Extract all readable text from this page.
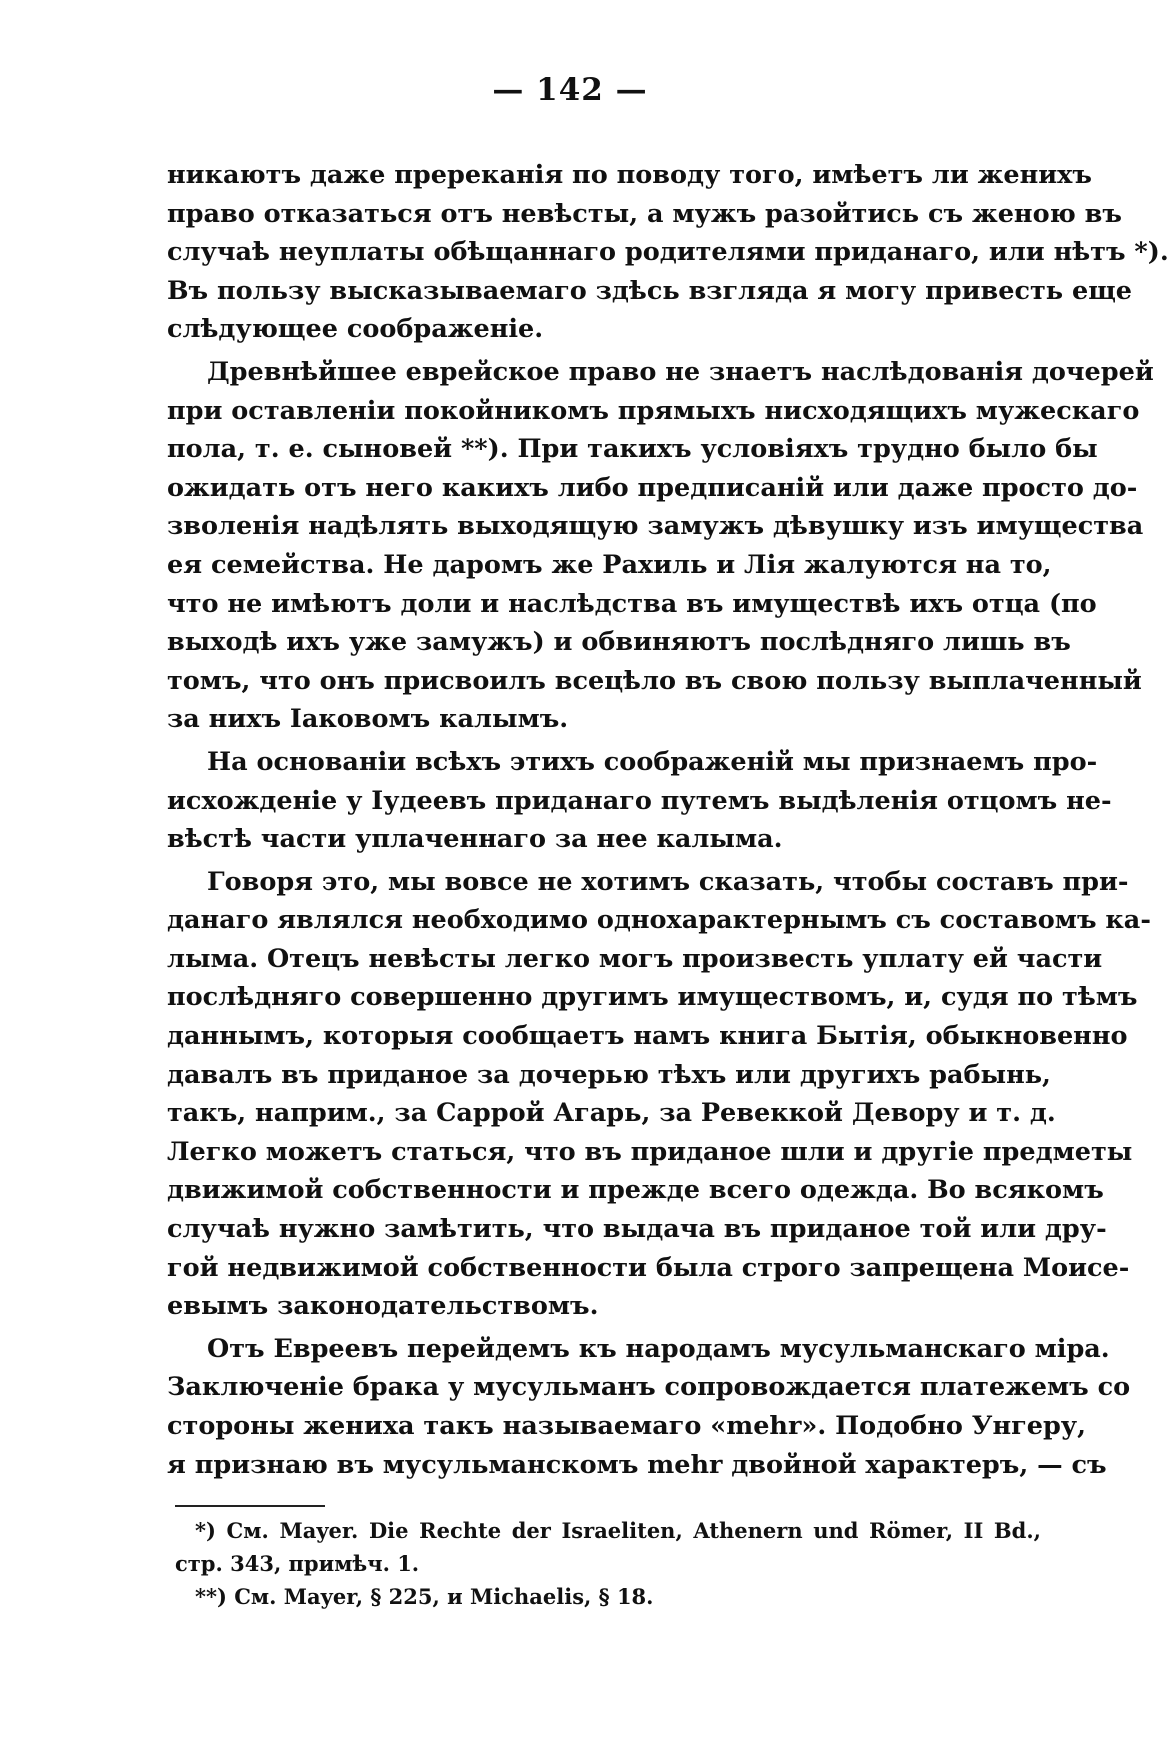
— 142 —
никаютъ даже пререканія по поводу того, имѣетъ ли женихъ
право отказаться отъ невѣсты, а мужъ разойтись съ женою въ
случаѣ неуплаты обѣщаннаго родителями приданаго, или нѣтъ *).
Въ пользу высказываемаго здѣсь взгляда я могу привесть еще
слѣдующее соображеніе.
Древнѣйшее еврейское право не знаетъ наслѣдованія дочерей
при оставленіи покойникомъ прямыхъ нисходящихъ мужескаго
пола, т. е. сыновей **). При такихъ условіяхъ трудно было бы
ожидать отъ него какихъ либо предписаній или даже просто до-
зволенія надѣлять выходящую замужъ дѣвушку изъ имущества
ея семейства. Не даромъ же Рахиль и Лія жалуются на то,
что не имѣютъ доли и наслѣдства въ имуществѣ ихъ отца (по
выходѣ ихъ уже замужъ) и обвиняютъ послѣдняго лишь въ
томъ, что онъ присвоилъ всецѣло въ свою пользу выплаченный
за нихъ Іаковомъ калымъ.
На основаніи всѣхъ этихъ соображеній мы признаемъ про-
исхожденіе у Іудеевъ приданаго путемъ выдѣленія отцомъ не-
вѣстѣ части уплаченнаго за нее калыма.
Говоря это, мы вовсе не хотимъ сказать, чтобы составъ при-
данаго являлся необходимо однохарактернымъ съ составомъ ка-
лыма. Отецъ невѣсты легко могъ произвесть уплату ей части
послѣдняго совершенно другимъ имуществомъ, и, судя по тѣмъ
даннымъ, которыя сообщаетъ намъ книга Бытія, обыкновенно
давалъ въ приданое за дочерью тѣхъ или другихъ рабынь,
такъ, наприм., за Саррой Агарь, за Ревеккой Девору и т. д.
Легко можетъ статься, что въ приданое шли и другіе предметы
движимой собственности и прежде всего одежда. Во всякомъ
случаѣ нужно замѣтить, что выдача въ приданое той или дру-
гой недвижимой собственности была строго запрещена Моисе-
евымъ законодательствомъ.
Отъ Евреевъ перейдемъ къ народамъ мусульманскаго міра.
Заключеніе брака у мусульманъ сопровождается платежемъ со
стороны жениха такъ называемаго «mehr». Подобно Унгеру,
я признаю въ мусульманскомъ mehr двойной характеръ, — съ
*) См. Mayer. Die Rechte der Israeliten, Athenern und Römer, II Bd.,
стр. 343, примѣч. 1.
**) См. Mayer, § 225, и Michaelis, § 18.
